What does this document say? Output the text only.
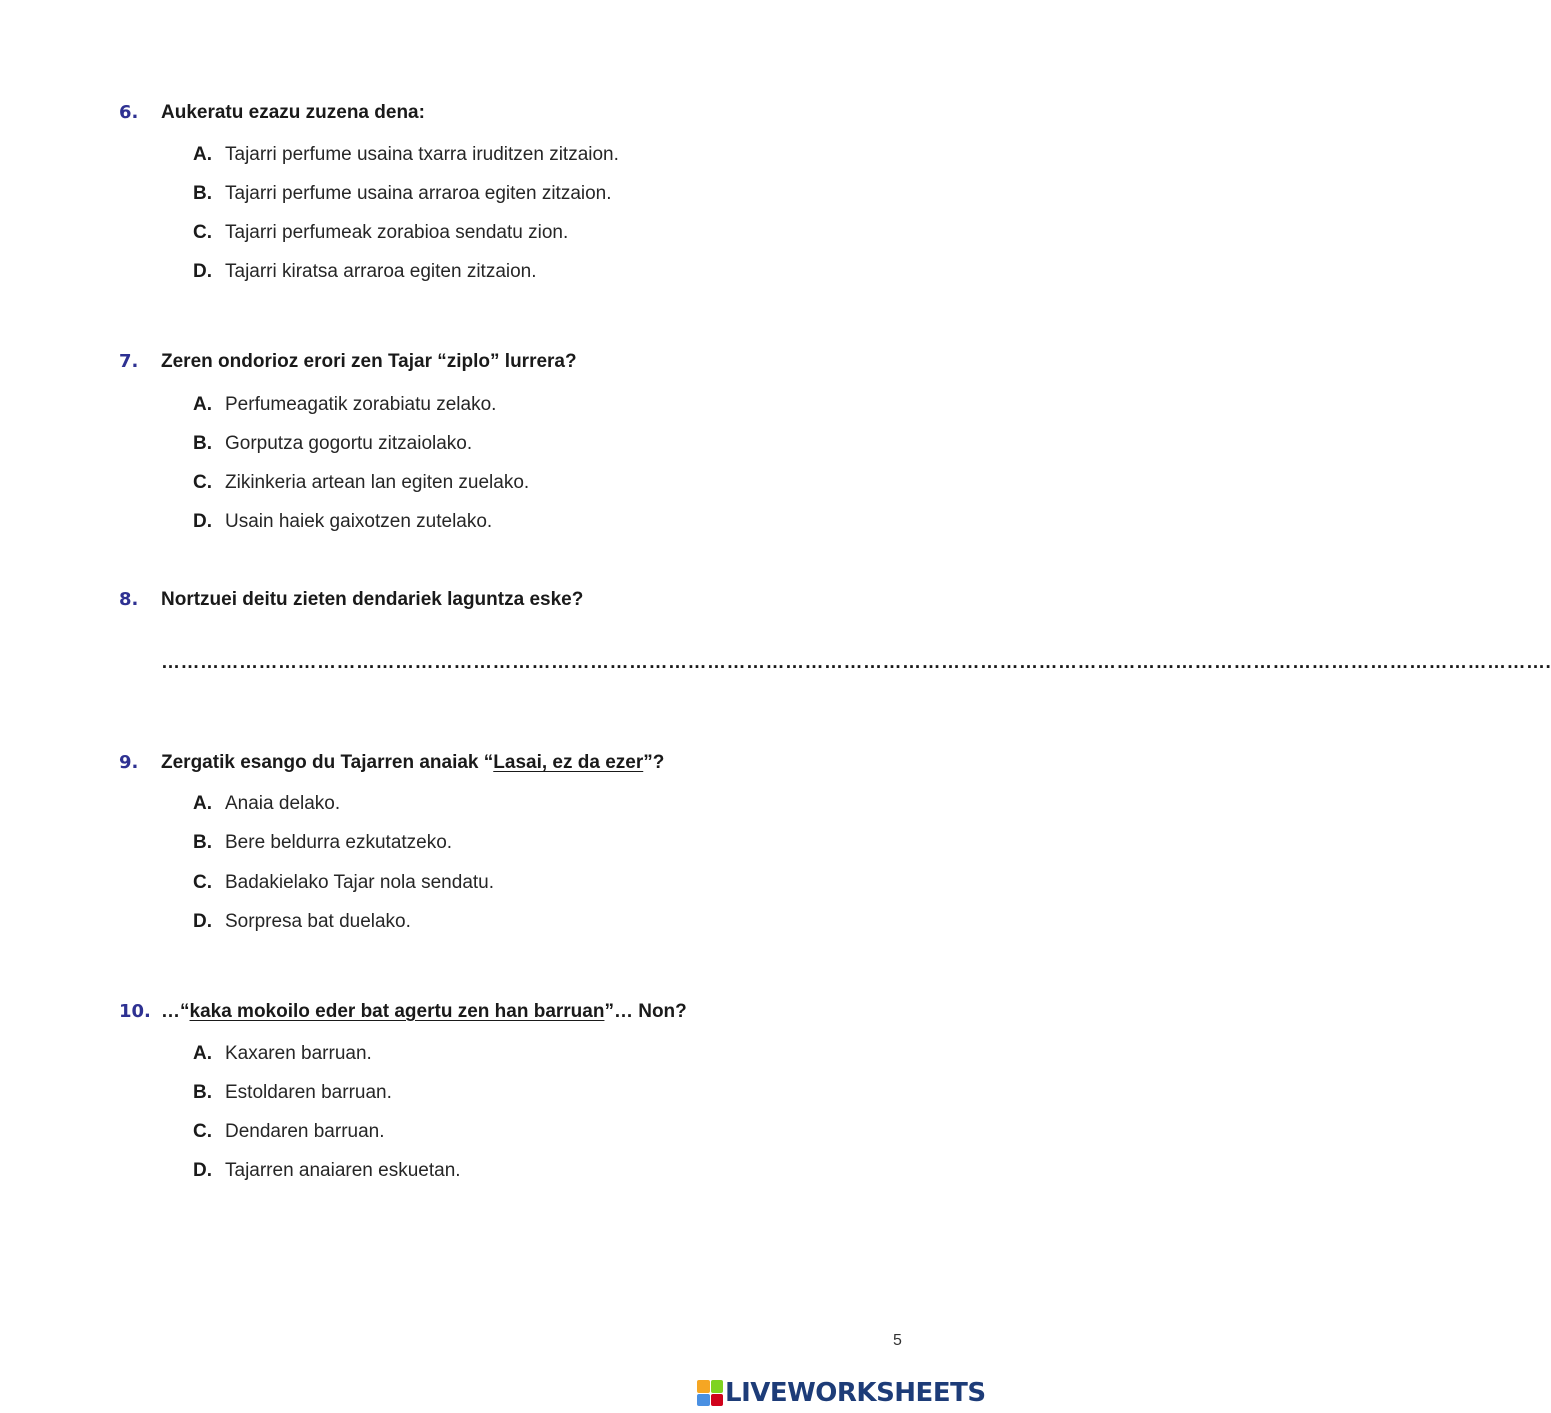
6. Aukeratu ezazu zuzena dena:
A. Tajarri perfume usaina txarra iruditzen zitzaion.
B. Tajarri perfume usaina arraroa egiten zitzaion.
C. Tajarri perfumeak zorabioa sendatu zion.
D. Tajarri kiratsa arraroa egiten zitzaion.
7. Zeren ondorioz erori zen Tajar “ziplo” lurrera?
A. Perfumeagatik zorabiatu zelako.
B. Gorputza gogortu zitzaiolako.
C. Zikinkeria artean lan egiten zuelako.
D. Usain haiek gaixotzen zutelako.
8. Nortzuei deitu zieten dendariek laguntza eske?
…………………………………………………………………………………………………………………………………………………………………………………………….
9. Zergatik esango du Tajarren anaiak “Lasai, ez da ezer”?
A. Anaia delako.
B. Bere beldurra ezkutatzeko.
C. Badakielako Tajar nola sendatu.
D. Sorpresa bat duelako.
10. …“kaka mokoilo eder bat agertu zen han barruan”… Non?
A. Kaxaren barruan.
B. Estoldaren barruan.
C. Dendaren barruan.
D. Tajarren anaiaren eskuetan.
5
LIVEWORKSHEETS
